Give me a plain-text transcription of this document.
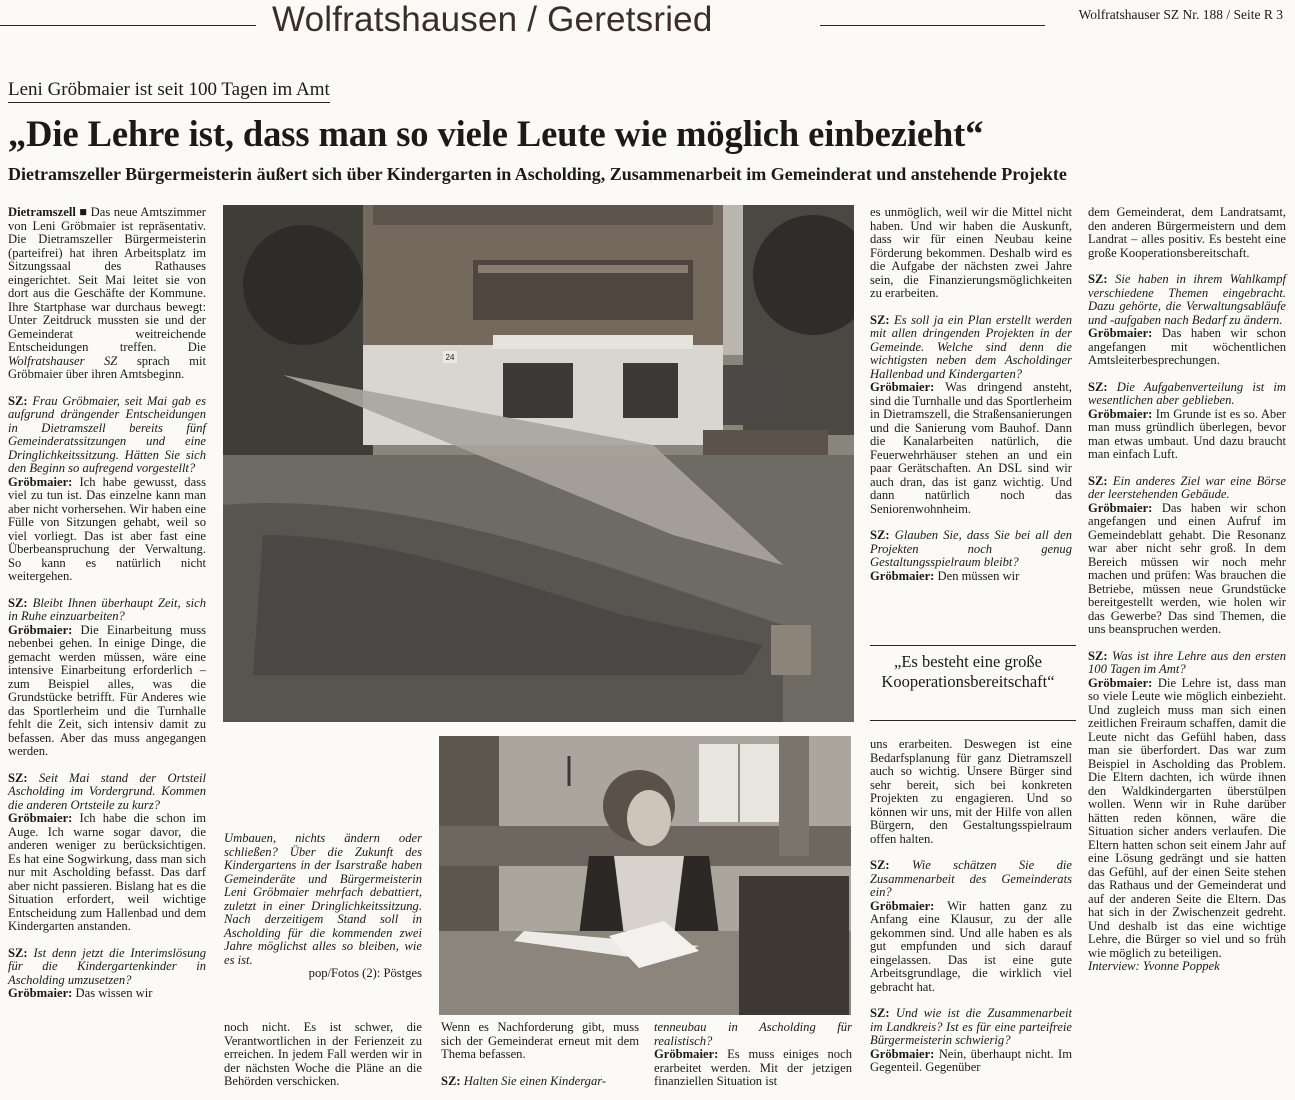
Wolfratshausen / Geretsried	Wolfratshauser SZ Nr. 188 / Seite R 3
Leni Gröbmaier ist seit 100 Tagen im Amt
„Die Lehre ist, dass man so viele Leute wie möglich einbezieht“
Dietramszeller Bürgermeisterin äußert sich über Kindergarten in Ascholding, Zusammenarbeit im Gemeinderat und anstehende Projekte

Dietramszell ■ Das neue Amtszimmer von Leni Gröbmaier ist repräsentativ. Die Dietramszeller Bürgermeisterin (parteifrei) hat ihren Arbeitsplatz im Sitzungssaal des Rathauses eingerichtet. Seit Mai leitet sie von dort aus die Geschäfte der Kommune. Ihre Startphase war durchaus bewegt: Unter Zeitdruck mussten sie und der Gemeinderat weitreichende Entscheidungen treffen. Die Wolfratshauser SZ sprach mit Gröbmaier über ihren Amtsbeginn.

SZ: Frau Gröbmaier, seit Mai gab es aufgrund drängender Entscheidungen in Dietramszell bereits fünf Gemeinderatssitzungen und eine Dringlichkeitssitzung. Hätten Sie sich den Beginn so aufregend vorgestellt?

Gröbmaier: Ich habe gewusst, dass viel zu tun ist. Das einzelne kann man aber nicht vorhersehen. Wir haben eine Fülle von Sitzungen gehabt, weil so viel vorliegt. Das ist aber fast eine Überbeanspruchung der Verwaltung. So kann es natürlich nicht weitergehen.

SZ: Bleibt Ihnen überhaupt Zeit, sich in Ruhe einzuarbeiten?

Gröbmaier: Die Einarbeitung muss nebenbei gehen. In einige Dinge, die gemacht werden müssen, wäre eine intensive Einarbeitung erforderlich – zum Beispiel alles, was die Grundstücke betrifft. Für Anderes wie das Sportlerheim und die Turnhalle fehlt die Zeit, sich intensiv damit zu befassen. Aber das muss angegangen werden.

SZ: Seit Mai stand der Ortsteil Ascholding im Vordergrund. Kommen die anderen Ortsteile zu kurz?

Gröbmaier: Ich habe die schon im Auge. Ich warne sogar davor, die anderen weniger zu berücksichtigen. Es hat eine Sogwirkung, dass man sich nur mit Ascholding befasst. Das darf aber nicht passieren. Bislang hat es die Situation erfordert, weil wichtige Entscheidung zum Hallenbad und dem Kindergarten anstanden.

SZ: Ist denn jetzt die Interimslösung für die Kindergartenkinder in Ascholding umzusetzen?

Gröbmaier: Das wissen wir

24

es unmöglich, weil wir die Mittel nicht haben. Und wir haben die Auskunft, dass wir für einen Neubau keine Förderung bekommen. Deshalb wird es die Aufgabe der nächsten zwei Jahre sein, die Finanzierungsmöglichkeiten zu erarbeiten.

SZ: Es soll ja ein Plan erstellt werden mit allen dringenden Projekten in der Gemeinde. Welche sind denn die wichtigsten neben dem Ascholdinger Hallenbad und Kindergarten?

Gröbmaier: Was dringend ansteht, sind die Turnhalle und das Sportlerheim in Dietramszell, die Straßensanierungen und die Sanierung vom Bauhof. Dann die Kanalarbeiten natürlich, die Feuerwehrhäuser stehen an und ein paar Gerätschaften. An DSL sind wir auch dran, das ist ganz wichtig. Und dann natürlich noch das Seniorenwohnheim.

SZ: Glauben Sie, dass Sie bei all den Projekten noch genug Gestaltungsspielraum bleibt?

Gröbmaier: Den müssen wir

„Es besteht eine große Kooperationsbereitschaft“

uns erarbeiten. Deswegen ist eine Bedarfsplanung für ganz Dietramszell auch so wichtig. Unsere Bürger sind sehr bereit, sich bei konkreten Projekten zu engagieren. Und so können wir uns, mit der Hilfe von allen Bürgern, den Gestaltungsspielraum offen halten.

SZ: Wie schätzen Sie die Zusammenarbeit des Gemeinderats ein?

Gröbmaier: Wir hatten ganz zu Anfang eine Klausur, zu der alle gekommen sind. Und alle haben es als gut empfunden und sich darauf eingelassen. Das ist eine gute Arbeitsgrundlage, die wirklich viel gebracht hat.

SZ: Und wie ist die Zusammenarbeit im Landkreis? Ist es für eine parteifreie Bürgermeisterin schwierig?

Gröbmaier: Nein, überhaupt nicht. Im Gegenteil. Gegenüber

dem Gemeinderat, dem Landratsamt, den anderen Bürgermeistern und dem Landrat – alles positiv. Es besteht eine große Kooperationsbereitschaft.

SZ: Sie haben in ihrem Wahlkampf verschiedene Themen eingebracht. Dazu gehörte, die Verwaltungsabläufe und -aufgaben nach Bedarf zu ändern.

Gröbmaier: Das haben wir schon angefangen mit wöchentlichen Amtsleiterbesprechungen.

SZ: Die Aufgabenverteilung ist im wesentlichen aber geblieben.

Gröbmaier: Im Grunde ist es so. Aber man muss gründlich überlegen, bevor man etwas umbaut. Und dazu braucht man einfach Luft.

SZ: Ein anderes Ziel war eine Börse der leerstehenden Gebäude.

Gröbmaier: Das haben wir schon angefangen und einen Aufruf im Gemeindeblatt gehabt. Die Resonanz war aber nicht sehr groß. In dem Bereich müssen wir noch mehr machen und prüfen: Was brauchen die Betriebe, müssen neue Grundstücke bereitgestellt werden, wie holen wir das Gewerbe? Das sind Themen, die uns beanspruchen werden.

SZ: Was ist ihre Lehre aus den ersten 100 Tagen im Amt?

Gröbmaier: Die Lehre ist, dass man so viele Leute wie möglich einbezieht. Und zugleich muss man sich einen zeitlichen Freiraum schaffen, damit die Leute nicht das Gefühl haben, dass man sie überfordert. Das war zum Beispiel in Ascholding das Problem. Die Eltern dachten, ich würde ihnen den Waldkindergarten überstülpen wollen. Wenn wir in Ruhe darüber hätten reden können, wäre die Situation sicher anders verlaufen. Die Eltern hatten schon seit einem Jahr auf eine Lösung gedrängt und sie hatten das Gefühl, auf der einen Seite stehen das Rathaus und der Gemeinderat und auf der anderen Seite die Eltern. Das hat sich in der Zwischenzeit gedreht. Und deshalb ist das eine wichtige Lehre, die Bürger so viel und so früh wie möglich zu beteiligen.

Interview: Yvonne Poppek

Umbauen, nichts ändern oder schließen? Über die Zukunft des Kindergartens in der Isarstraße haben Gemeinderäte und Bürgermeisterin Leni Gröbmaier mehrfach debattiert, zuletzt in einer Dringlichkeitssitzung. Nach derzeitigem Stand soll in Ascholding für die kommenden zwei Jahre möglichst alles so bleiben, wie es ist.

pop/Fotos (2): Pöstges

noch nicht. Es ist schwer, die Verantwortlichen in der Ferienzeit zu erreichen. In jedem Fall werden wir in der nächsten Woche die Pläne an die Behörden verschicken.

Wenn es Nachforderung gibt, muss sich der Gemeinderat erneut mit dem Thema befassen.

SZ: Halten Sie einen Kindergar-

tenneubau in Ascholding für realistisch?

Gröbmaier: Es muss einiges noch erarbeitet werden. Mit der jetzigen finanziellen Situation ist
